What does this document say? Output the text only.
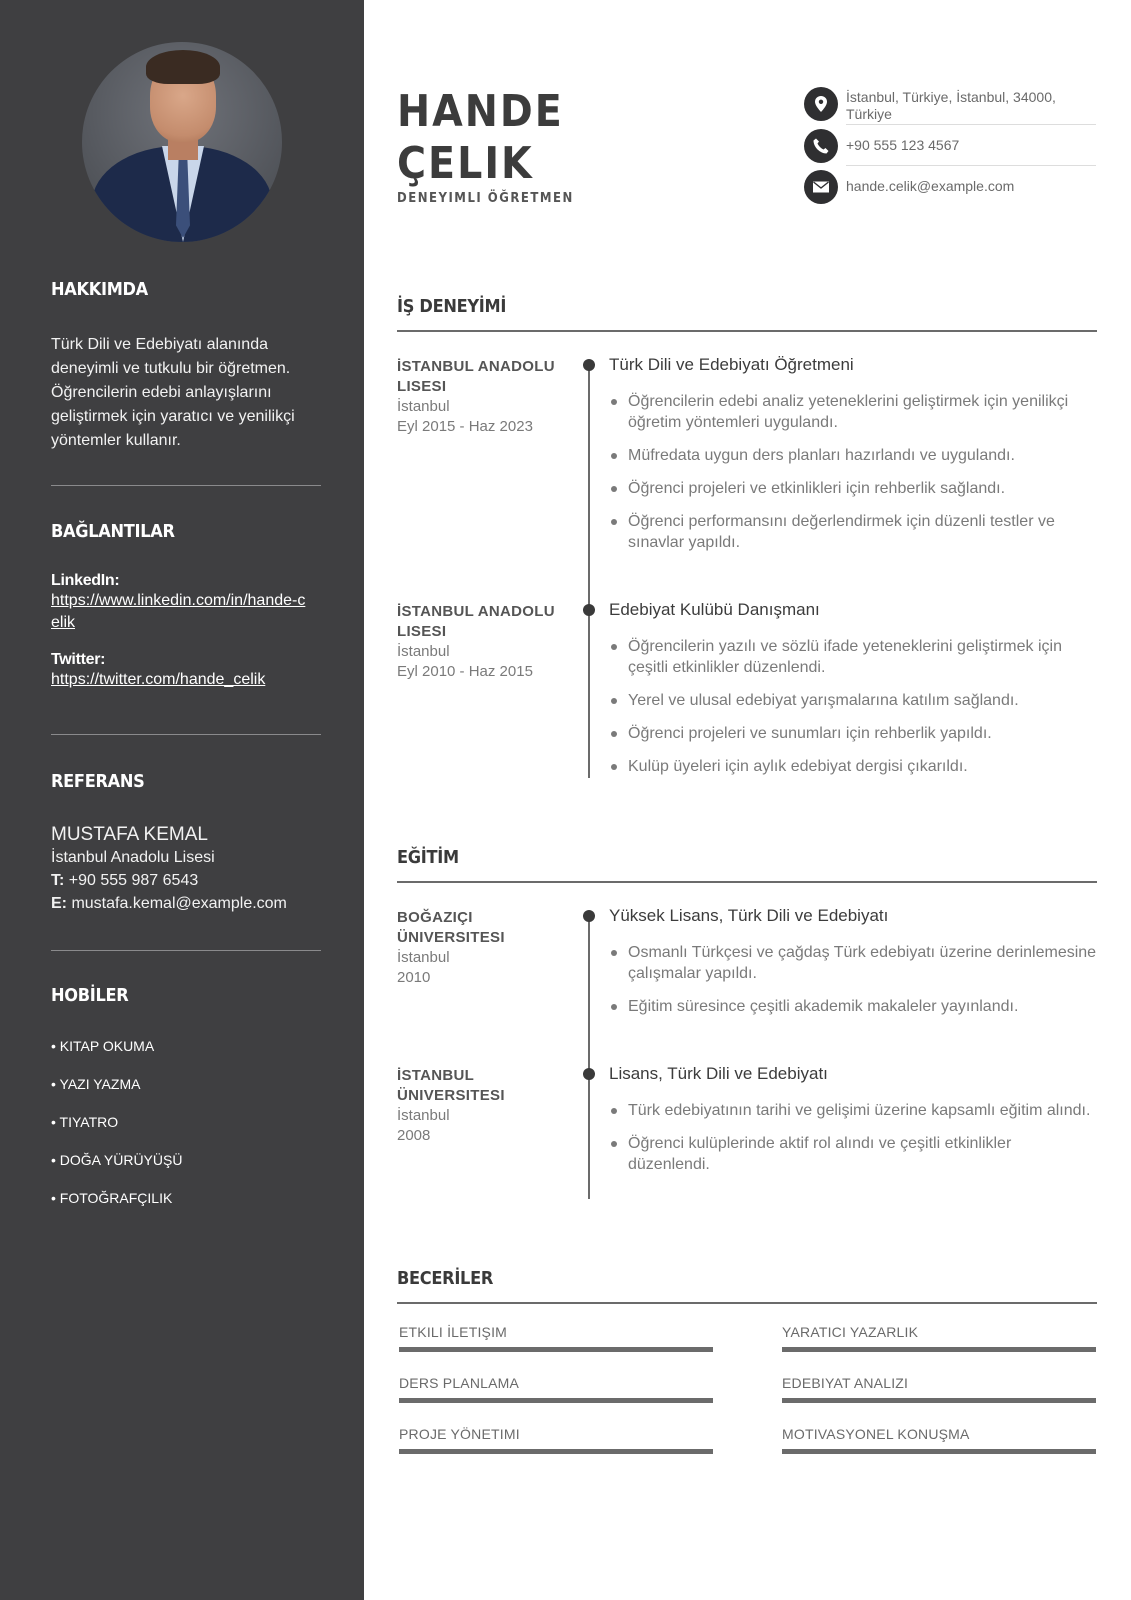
HAKKIMDA
Türk Dili ve Edebiyatı alanında deneyimli ve tutkulu bir öğretmen. Öğrencilerin edebi anlayışlarını geliştirmek için yaratıcı ve yenilikçi yöntemler kullanır.
BAĞLANTILAR
LinkedIn:
https://www.linkedin.com/in/hande-celik
Twitter:
https://twitter.com/hande_celik
REFERANS
MUSTAFA KEMAL
İstanbul Anadolu Lisesi
T: +90 555 987 6543
E: mustafa.kemal@example.com
HOBİLER
• KITAP OKUMA
• YAZI YAZMA
• TIYATRO
• DOĞA YÜRÜYÜŞÜ
• FOTOĞRAFÇILIK
HANDE
ÇELIK
DENEYIMLI ÖĞRETMEN
İstanbul, Türkiye, İstanbul, 34000, Türkiye
+90 555 123 4567
hande.celik@example.com
İŞ DENEYİMİ
İSTANBUL ANADOLU LISESI
İstanbul
Eyl 2015 - Haz 2023
Türk Dili ve Edebiyatı Öğretmeni
Öğrencilerin edebi analiz yeteneklerini geliştirmek için yenilikçi öğretim yöntemleri uygulandı.
Müfredata uygun ders planları hazırlandı ve uygulandı.
Öğrenci projeleri ve etkinlikleri için rehberlik sağlandı.
Öğrenci performansını değerlendirmek için düzenli testler ve sınavlar yapıldı.
İSTANBUL ANADOLU LISESI
İstanbul
Eyl 2010 - Haz 2015
Edebiyat Kulübü Danışmanı
Öğrencilerin yazılı ve sözlü ifade yeteneklerini geliştirmek için çeşitli etkinlikler düzenlendi.
Yerel ve ulusal edebiyat yarışmalarına katılım sağlandı.
Öğrenci projeleri ve sunumları için rehberlik yapıldı.
Kulüp üyeleri için aylık edebiyat dergisi çıkarıldı.
EĞİTİM
BOĞAZIÇI ÜNIVERSITESI
İstanbul
2010
Yüksek Lisans, Türk Dili ve Edebiyatı
Osmanlı Türkçesi ve çağdaş Türk edebiyatı üzerine derinlemesine çalışmalar yapıldı.
Eğitim süresince çeşitli akademik makaleler yayınlandı.
İSTANBUL ÜNIVERSITESI
İstanbul
2008
Lisans, Türk Dili ve Edebiyatı
Türk edebiyatının tarihi ve gelişimi üzerine kapsamlı eğitim alındı.
Öğrenci kulüplerinde aktif rol alındı ve çeşitli etkinlikler düzenlendi.
BECERİLER
ETKILI İLETIŞIM	YARATICI YAZARLIK
DERS PLANLAMA	EDEBIYAT ANALIZI
PROJE YÖNETIMI	MOTIVASYONEL KONUŞMA
